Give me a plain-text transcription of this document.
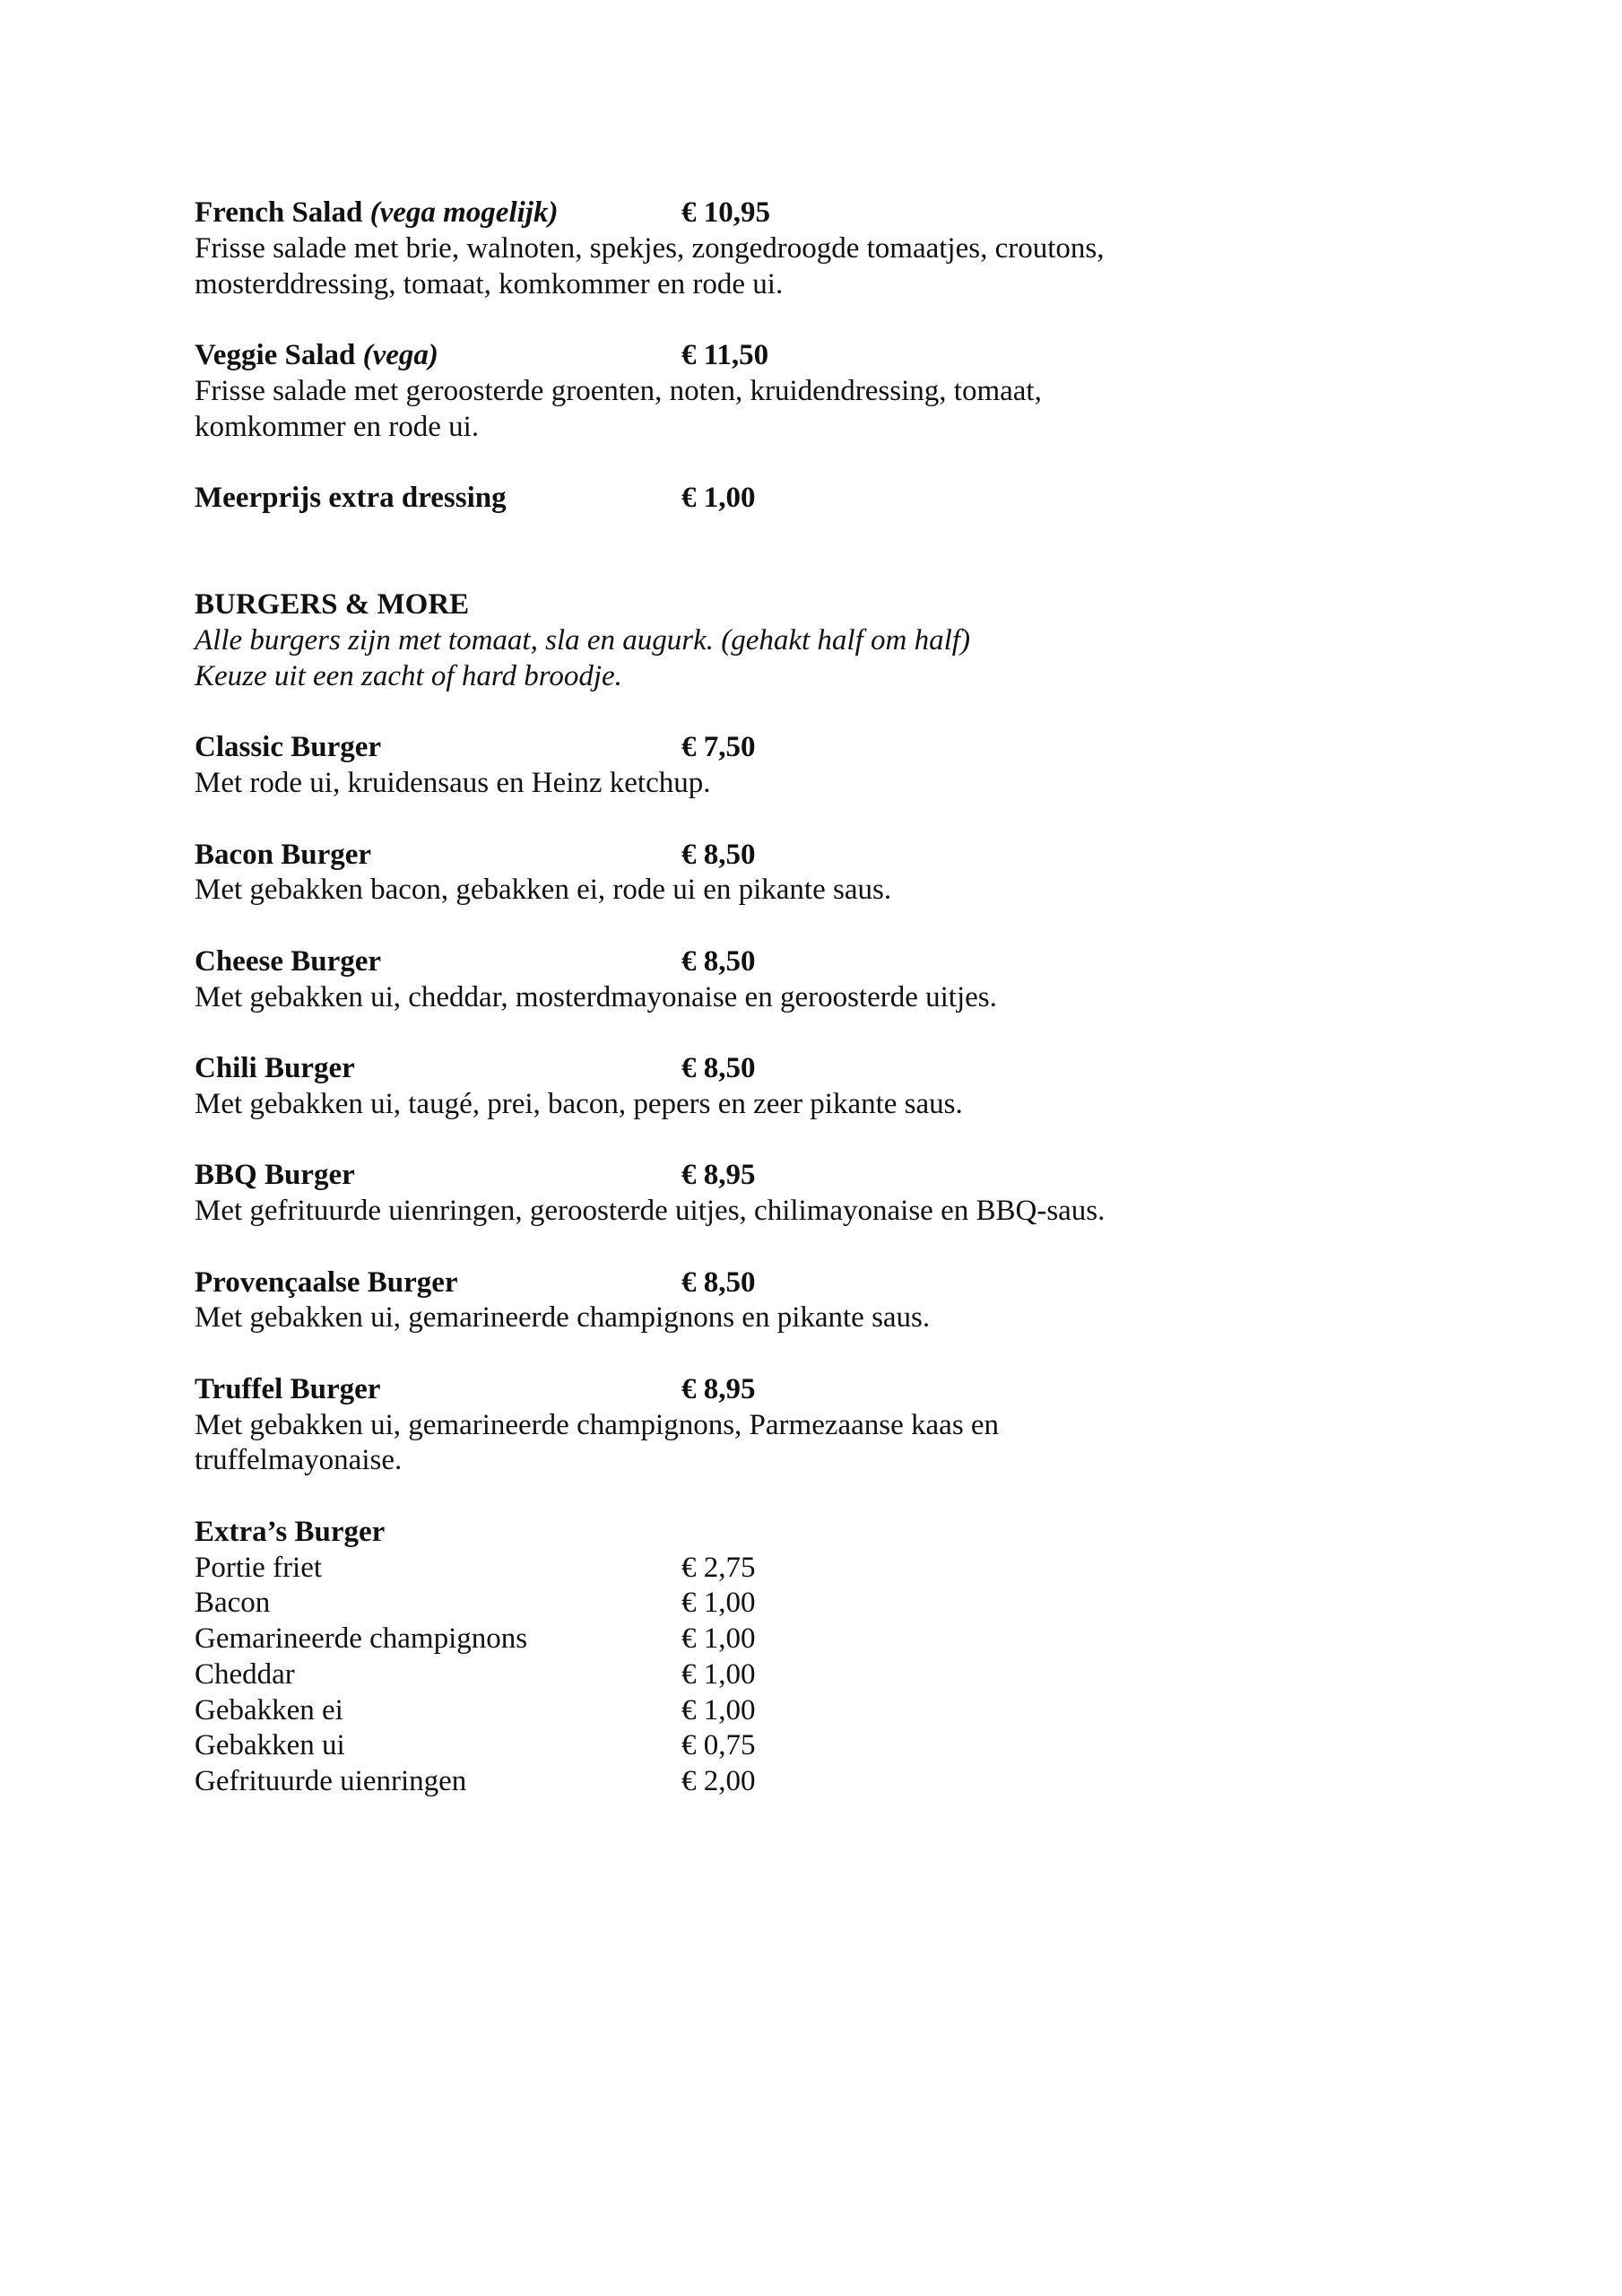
French Salad (vega mogelijk)	€ 10,95
Frisse salade met brie, walnoten, spekjes, zongedroogde tomaatjes, croutons,
mosterddressing, tomaat, komkommer en rode ui.
Veggie Salad (vega)	€ 11,50
Frisse salade met geroosterde groenten, noten, kruidendressing, tomaat,
komkommer en rode ui.
Meerprijs extra dressing	€ 1,00
BURGERS & MORE
Alle burgers zijn met tomaat, sla en augurk. (gehakt half om half)
Keuze uit een zacht of hard broodje.
Classic Burger	€ 7,50
Met rode ui, kruidensaus en Heinz ketchup.
Bacon Burger	€ 8,50
Met gebakken bacon, gebakken ei, rode ui en pikante saus.
Cheese Burger	€ 8,50
Met gebakken ui, cheddar, mosterdmayonaise en geroosterde uitjes.
Chili Burger	€ 8,50
Met gebakken ui, taugé, prei, bacon, pepers en zeer pikante saus.
BBQ Burger	€ 8,95
Met gefrituurde uienringen, geroosterde uitjes, chilimayonaise en BBQ-saus.
Provençaalse Burger	€ 8,50
Met gebakken ui, gemarineerde champignons en pikante saus.
Truffel Burger	€ 8,95
Met gebakken ui, gemarineerde champignons, Parmezaanse kaas en
truffelmayonaise.
Extra’s Burger
Portie friet	€ 2,75
Bacon	€ 1,00
Gemarineerde champignons	€ 1,00
Cheddar	€ 1,00
Gebakken ei	€ 1,00
Gebakken ui	€ 0,75
Gefrituurde uienringen	€ 2,00
